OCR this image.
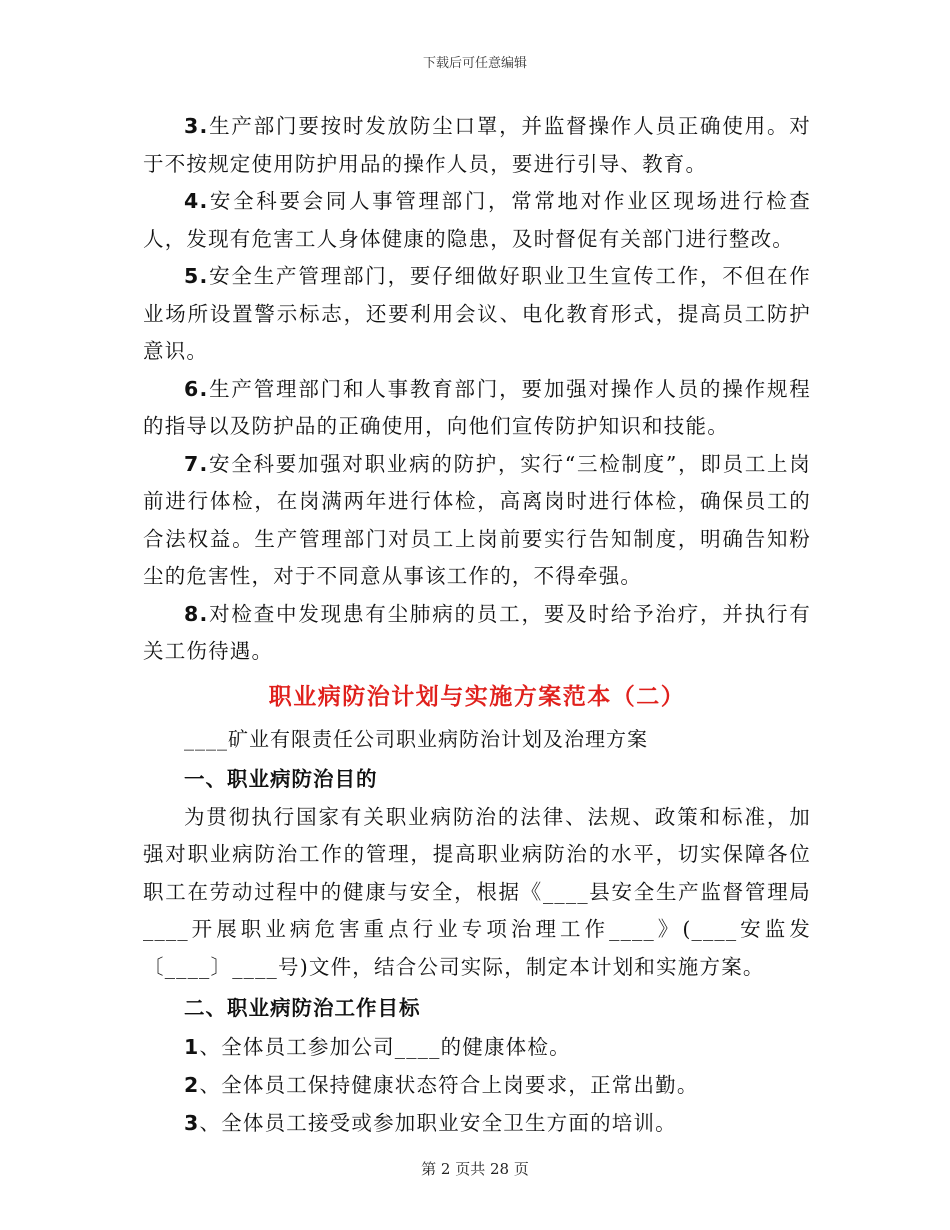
下载后可任意编辑

3.生产部门要按时发放防尘口罩，并监督操作人员正确使用。对于不按规定使用防护用品的操作人员，要进行引导、教育。

4.安全科要会同人事管理部门，常常地对作业区现场进行检查人，发现有危害工人身体健康的隐患，及时督促有关部门进行整改。

5.安全生产管理部门，要仔细做好职业卫生宣传工作，不但在作业场所设置警示标志，还要利用会议、电化教育形式，提高员工防护意识。

6.生产管理部门和人事教育部门，要加强对操作人员的操作规程的指导以及防护品的正确使用，向他们宣传防护知识和技能。

7.安全科要加强对职业病的防护，实行“三检制度”，即员工上岗前进行体检，在岗满两年进行体检，高离岗时进行体检，确保员工的合法权益。生产管理部门对员工上岗前要实行告知制度，明确告知粉尘的危害性，对于不同意从事该工作的，不得牵强。

8.对检查中发现患有尘肺病的员工，要及时给予治疗，并执行有关工伤待遇。

职业病防治计划与实施方案范本（二）

____矿业有限责任公司职业病防治计划及治理方案

一、职业病防治目的

为贯彻执行国家有关职业病防治的法律、法规、政策和标准，加强对职业病防治工作的管理，提高职业病防治的水平，切实保障各位职工在劳动过程中的健康与安全，根据《____县安全生产监督管理局____开展职业病危害重点行业专项治理工作____》(____安监发〔____〕____号)文件，结合公司实际，制定本计划和实施方案。

二、职业病防治工作目标

1、全体员工参加公司____的健康体检。

2、全体员工保持健康状态符合上岗要求，正常出勤。

3、全体员工接受或参加职业安全卫生方面的培训。

第 2 页共 28 页
